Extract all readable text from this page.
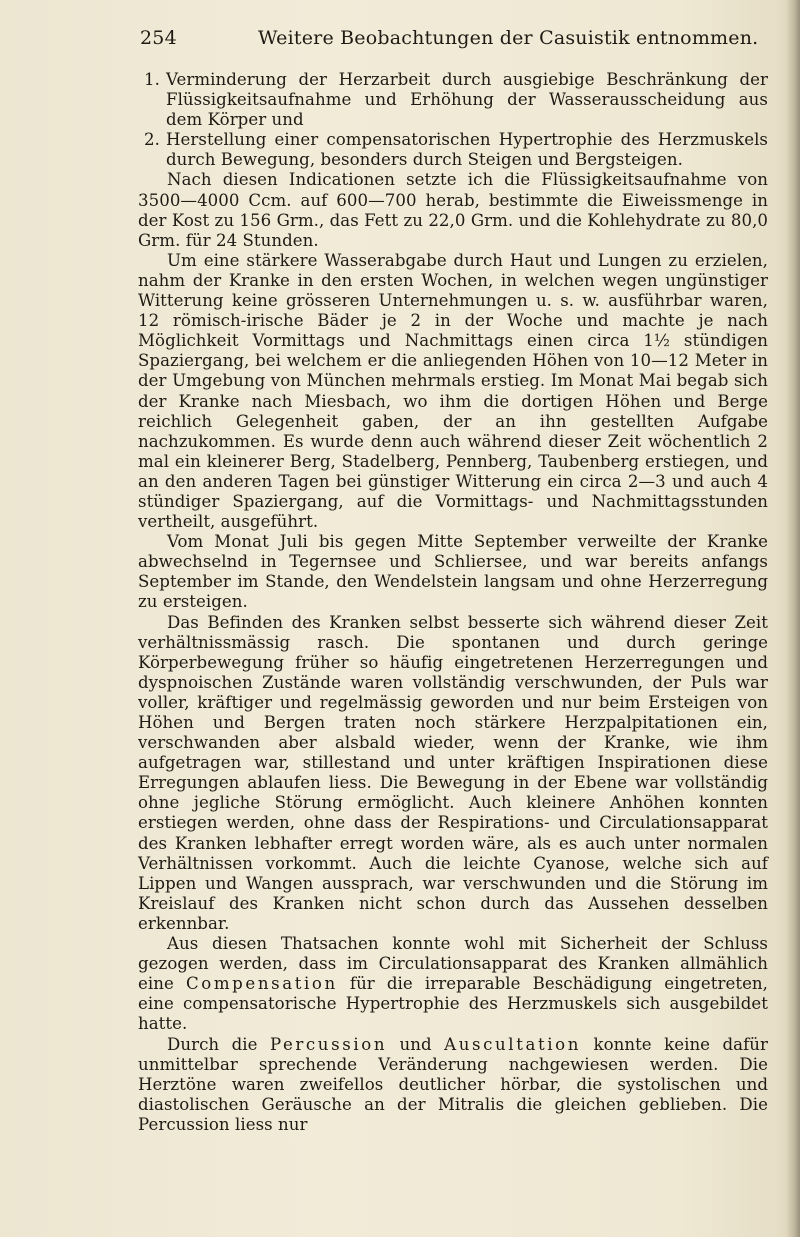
254	Weitere Beobachtungen der Casuistik entnommen.
1. Verminderung der Herzarbeit durch ausgiebige Beschränkung der Flüssigkeitsaufnahme und Erhöhung der Wasserausscheidung aus dem Körper und
2. Herstellung einer compensatorischen Hypertrophie des Herzmuskels durch Bewegung, besonders durch Steigen und Bergsteigen.

Nach diesen Indicationen setzte ich die Flüssigkeitsaufnahme von 3500—4000 Ccm. auf 600—700 herab, bestimmte die Eiweissmenge in der Kost zu 156 Grm., das Fett zu 22,0 Grm. und die Kohlehydrate zu 80,0 Grm. für 24 Stunden.

Um eine stärkere Wasserabgabe durch Haut und Lungen zu erzielen, nahm der Kranke in den ersten Wochen, in welchen wegen ungünstiger Witterung keine grösseren Unternehmungen u. s. w. ausführbar waren, 12 römisch-irische Bäder je 2 in der Woche und machte je nach Möglichkeit Vormittags und Nachmittags einen circa 1½ stündigen Spaziergang, bei welchem er die anliegenden Höhen von 10—12 Meter in der Umgebung von München mehrmals erstieg. Im Monat Mai begab sich der Kranke nach Miesbach, wo ihm die dortigen Höhen und Berge reichlich Gelegenheit gaben, der an ihn gestellten Aufgabe nachzukommen. Es wurde denn auch während dieser Zeit wöchentlich 2 mal ein kleinerer Berg, Stadelberg, Pennberg, Taubenberg erstiegen, und an den anderen Tagen bei günstiger Witterung ein circa 2—3 und auch 4 stündiger Spaziergang, auf die Vormittags- und Nachmittagsstunden vertheilt, ausgeführt.

Vom Monat Juli bis gegen Mitte September verweilte der Kranke abwechselnd in Tegernsee und Schliersee, und war bereits anfangs September im Stande, den Wendelstein langsam und ohne Herzerregung zu ersteigen.

Das Befinden des Kranken selbst besserte sich während dieser Zeit verhältnissmässig rasch. Die spontanen und durch geringe Körperbewegung früher so häufig eingetretenen Herzerregungen und dyspnoischen Zustände waren vollständig verschwunden, der Puls war voller, kräftiger und regelmässig geworden und nur beim Ersteigen von Höhen und Bergen traten noch stärkere Herzpalpitationen ein, verschwanden aber alsbald wieder, wenn der Kranke, wie ihm aufgetragen war, stillestand und unter kräftigen Inspirationen diese Erregungen ablaufen liess. Die Bewegung in der Ebene war vollständig ohne jegliche Störung ermöglicht. Auch kleinere Anhöhen konnten erstiegen werden, ohne dass der Respirations- und Circulationsapparat des Kranken lebhafter erregt worden wäre, als es auch unter normalen Verhältnissen vorkommt. Auch die leichte Cyanose, welche sich auf Lippen und Wangen aussprach, war verschwunden und die Störung im Kreislauf des Kranken nicht schon durch das Aussehen desselben erkennbar.

Aus diesen Thatsachen konnte wohl mit Sicherheit der Schluss gezogen werden, dass im Circulationsapparat des Kranken allmählich eine Compensation für die irreparable Beschädigung eingetreten, eine compensatorische Hypertrophie des Herzmuskels sich ausgebildet hatte.

Durch die Percussion und Auscultation konnte keine dafür unmittelbar sprechende Veränderung nachgewiesen werden. Die Herztöne waren zweifellos deutlicher hörbar, die systolischen und diastolischen Geräusche an der Mitralis die gleichen geblieben. Die Percussion liess nur
